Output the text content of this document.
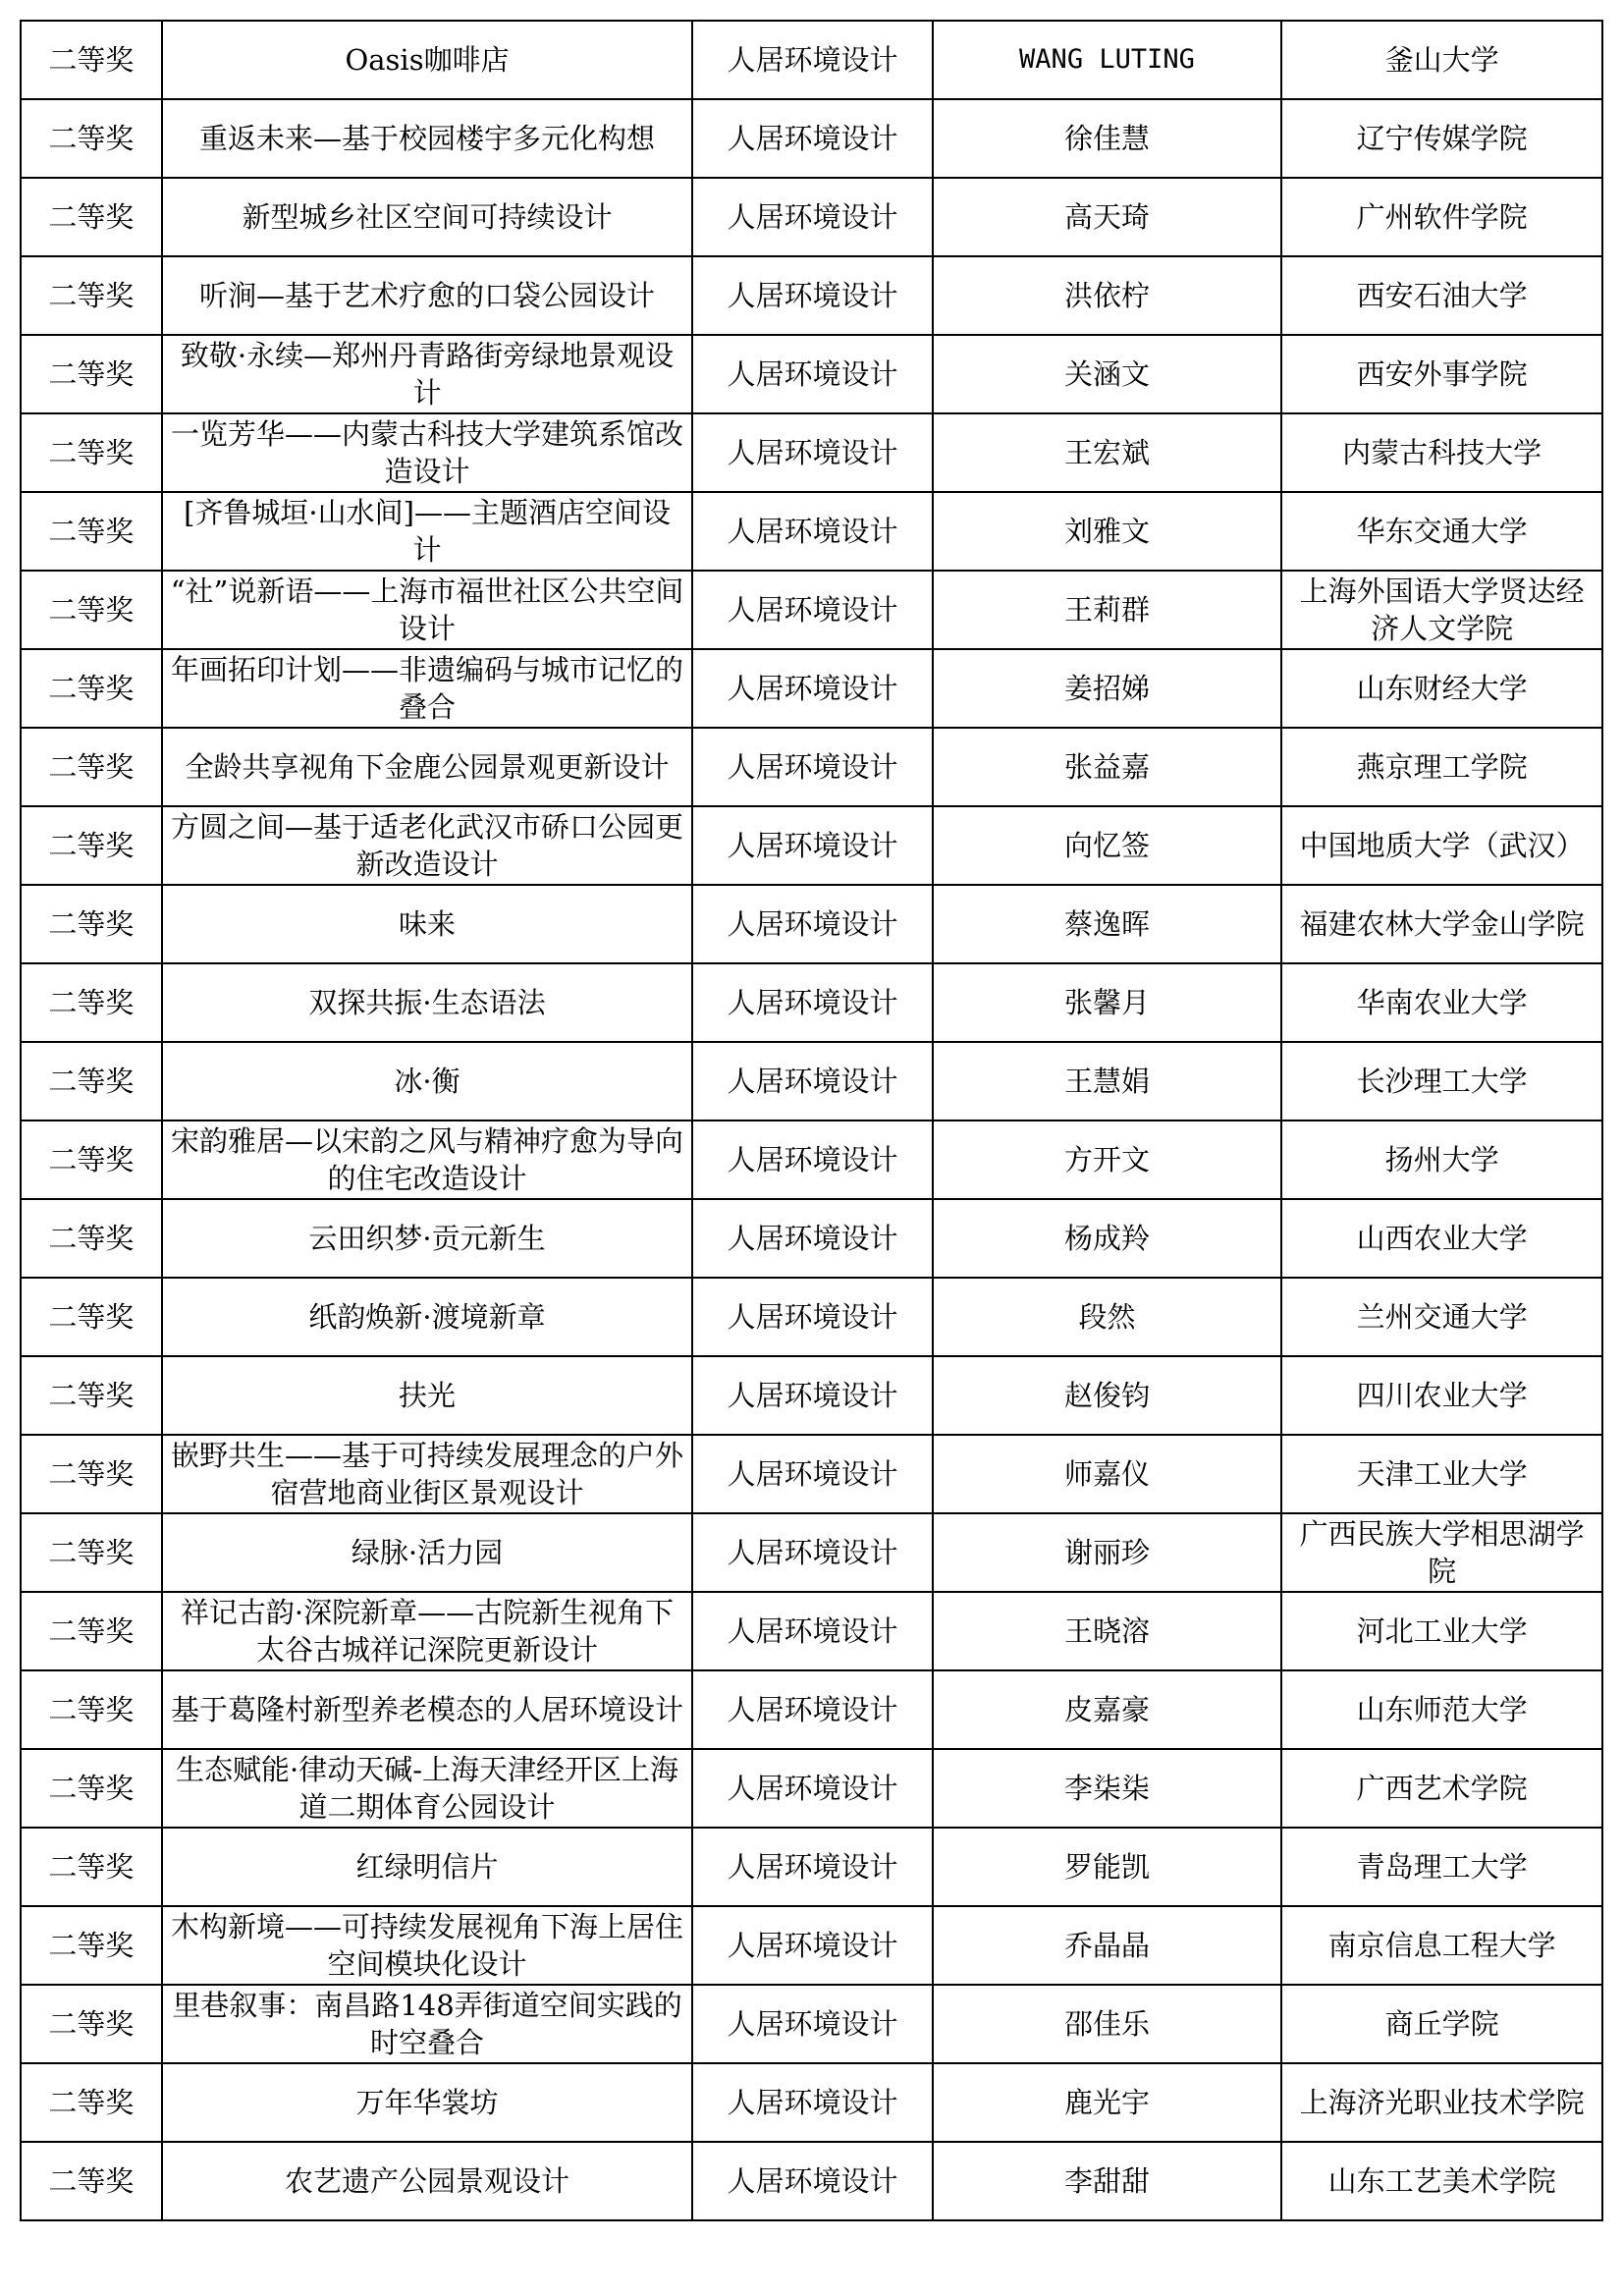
二等奖	Oasis咖啡店	人居环境设计	WANG LUTING	釜山大学
二等奖	重返未来—基于校园楼宇多元化构想	人居环境设计	徐佳慧	辽宁传媒学院
二等奖	新型城乡社区空间可持续设计	人居环境设计	高天琦	广州软件学院
二等奖	听涧—基于艺术疗愈的口袋公园设计	人居环境设计	洪依柠	西安石油大学
二等奖	致敬·永续—郑州丹青路街旁绿地景观设计	人居环境设计	关涵文	西安外事学院
二等奖	一览芳华——内蒙古科技大学建筑系馆改造设计	人居环境设计	王宏斌	内蒙古科技大学
二等奖	[齐鲁城垣·山水间]——主题酒店空间设计	人居环境设计	刘雅文	华东交通大学
二等奖	“社”说新语——上海市福世社区公共空间设计	人居环境设计	王莉群	上海外国语大学贤达经济人文学院
二等奖	年画拓印计划——非遗编码与城市记忆的叠合	人居环境设计	姜招娣	山东财经大学
二等奖	全龄共享视角下金鹿公园景观更新设计	人居环境设计	张益嘉	燕京理工学院
二等奖	方圆之间—基于适老化武汉市硚口公园更新改造设计	人居环境设计	向忆签	中国地质大学（武汉）
二等奖	味来	人居环境设计	蔡逸晖	福建农林大学金山学院
二等奖	双探共振·生态语法	人居环境设计	张馨月	华南农业大学
二等奖	冰·衡	人居环境设计	王慧娟	长沙理工大学
二等奖	宋韵雅居—以宋韵之风与精神疗愈为导向的住宅改造设计	人居环境设计	方开文	扬州大学
二等奖	云田织梦·贡元新生	人居环境设计	杨成羚	山西农业大学
二等奖	纸韵焕新·渡境新章	人居环境设计	段然	兰州交通大学
二等奖	扶光	人居环境设计	赵俊钧	四川农业大学
二等奖	嵌野共生——基于可持续发展理念的户外宿营地商业街区景观设计	人居环境设计	师嘉仪	天津工业大学
二等奖	绿脉·活力园	人居环境设计	谢丽珍	广西民族大学相思湖学院
二等奖	祥记古韵·深院新章——古院新生视角下太谷古城祥记深院更新设计	人居环境设计	王晓溶	河北工业大学
二等奖	基于葛隆村新型养老模态的人居环境设计	人居环境设计	皮嘉豪	山东师范大学
二等奖	生态赋能·律动天碱-上海天津经开区上海道二期体育公园设计	人居环境设计	李柒柒	广西艺术学院
二等奖	红绿明信片	人居环境设计	罗能凯	青岛理工大学
二等奖	木构新境——可持续发展视角下海上居住空间模块化设计	人居环境设计	乔晶晶	南京信息工程大学
二等奖	里巷叙事：南昌路148弄街道空间实践的时空叠合	人居环境设计	邵佳乐	商丘学院
二等奖	万年华裳坊	人居环境设计	鹿光宇	上海济光职业技术学院
二等奖	农艺遗产公园景观设计	人居环境设计	李甜甜	山东工艺美术学院
